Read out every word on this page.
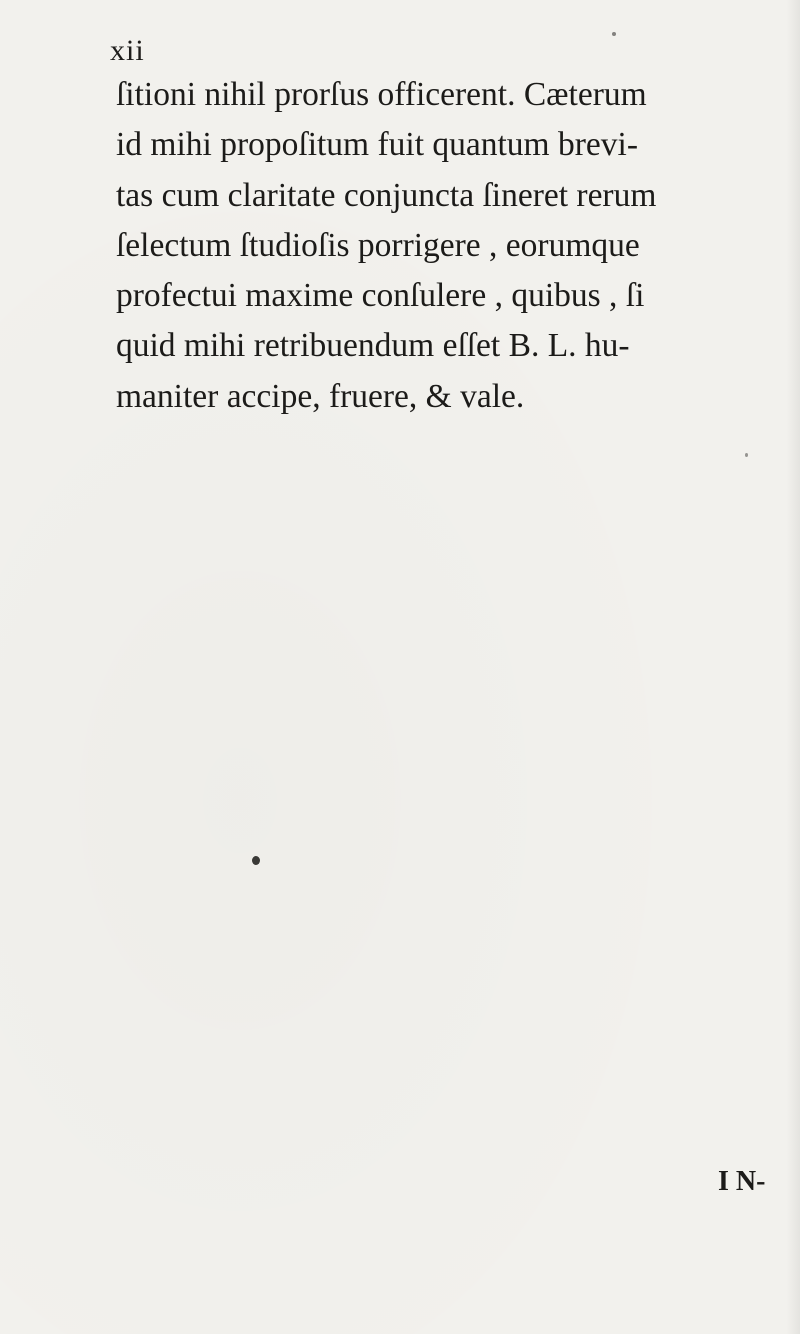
xii
ſitioni nihil prorſus officerent. Cæterum
id mihi propoſitum fuit quantum brevi-
tas cum claritate conjuncta ſineret rerum
ſelectum ſtudioſis porrigere , eorumque
profectui maxime conſulere , quibus , ſi
quid mihi retribuendum eſſet B. L. hu-
maniter accipe, fruere, & vale.
I N-
